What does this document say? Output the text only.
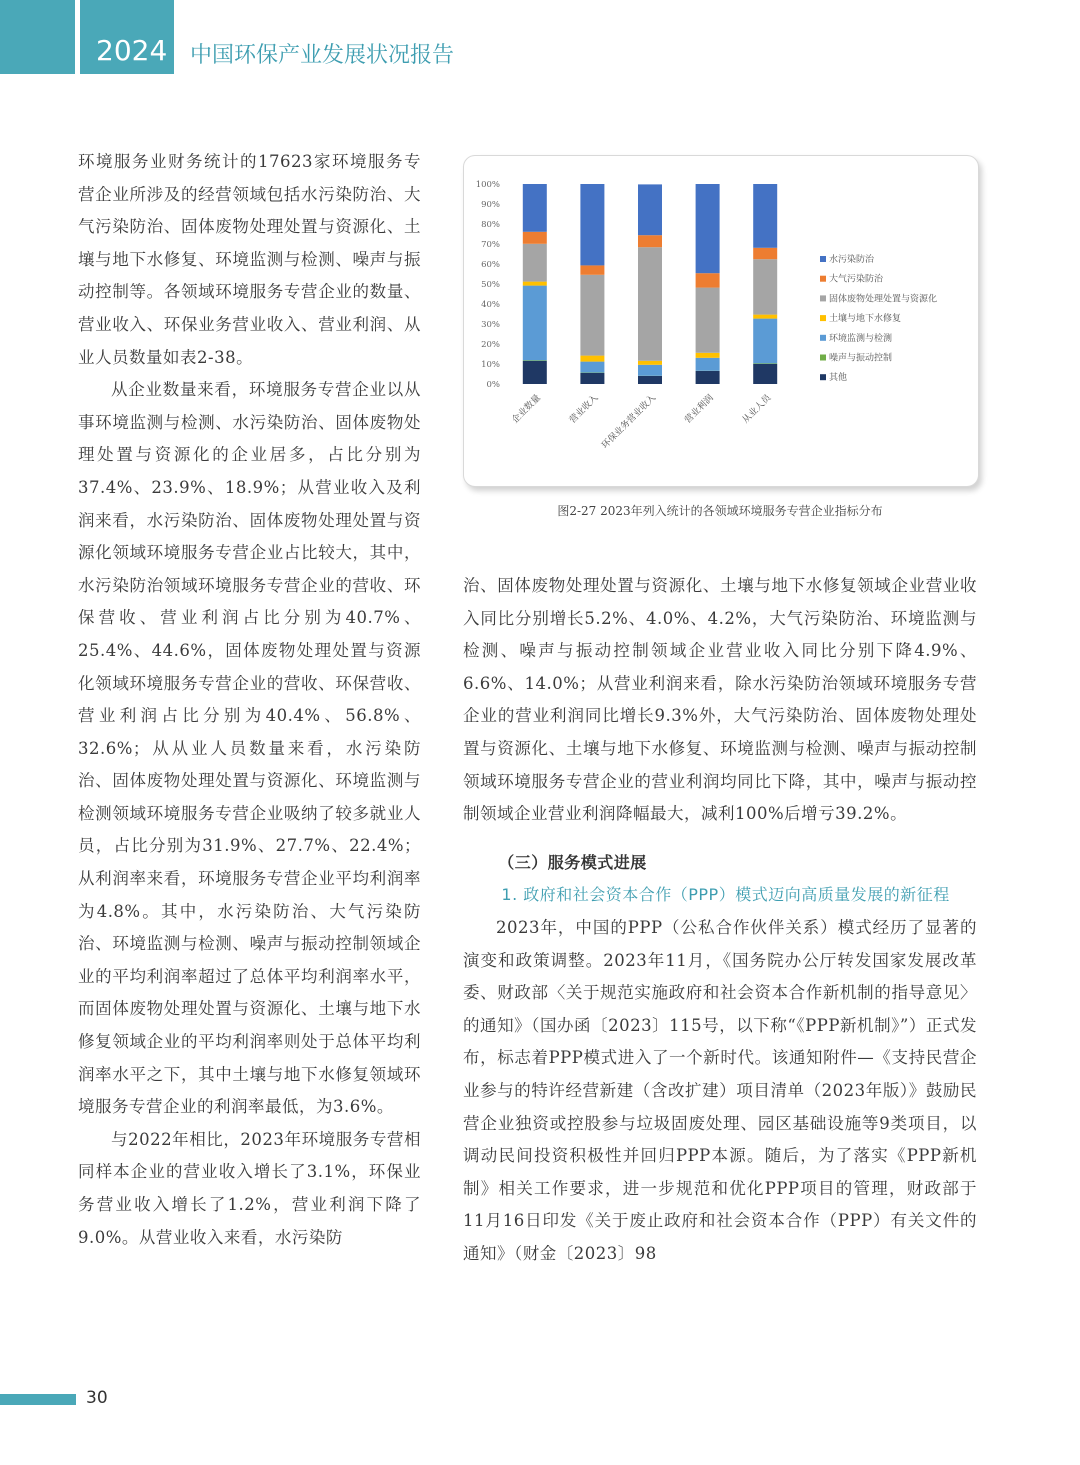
2024 中国环保产业发展状况报告

环境服务业财务统计的17623家环境服务专营企业所涉及的经营领域包括水污染防治、大气污染防治、固体废物处理处置与资源化、土壤与地下水修复、环境监测与检测、噪声与振动控制等。各领域环境服务专营企业的数量、营业收入、环保业务营业收入、营业利润、从业人员数量如表2-38。

从企业数量来看，环境服务专营企业以从事环境监测与检测、水污染防治、固体废物处理处置与资源化的企业居多，占比分别为37.4%、23.9%、18.9%；从营业收入及利润来看，水污染防治、固体废物处理处置与资源化领域环境服务专营企业占比较大，其中，水污染防治领域环境服务专营企业的营收、环保营收、营业利润占比分别为40.7%、25.4%、44.6%，固体废物处理处置与资源化领域环境服务专营企业的营收、环保营收、营业利润占比分别为40.4%、56.8%、32.6%；从从业人员数量来看，水污染防治、固体废物处理处置与资源化、环境监测与检测领域环境服务专营企业吸纳了较多就业人员，占比分别为31.9%、27.7%、22.4%；从利润率来看，环境服务专营企业平均利润率为4.8%。其中，水污染防治、大气污染防治、环境监测与检测、噪声与振动控制领域企业的平均利润率超过了总体平均利润率水平，而固体废物处理处置与资源化、土壤与地下水修复领域企业的平均利润率则处于总体平均利润率水平之下，其中土壤与地下水修复领域环境服务专营企业的利润率最低，为3.6%。

与2022年相比，2023年环境服务专营相同样本企业的营业收入增长了3.1%，环保业务营业收入增长了1.2%，营业利润下降了9.0%。从营业收入来看，水污染防

0%
10%
20%
30%
40%
50%
60%
70%
80%
90%
100%
企业数量	营业收入 环保业务营业收入	营业利润	从业人员
水污染防治
大气污染防治
固体废物处理处置与资源化
土壤与地下水修复
环境监测与检测
噪声与振动控制
其他
图2-27 2023年列入统计的各领域环境服务专营企业指标分布

治、固体废物处理处置与资源化、土壤与地下水修复领域企业营业收入同比分别增长5.2%、4.0%、4.2%，大气污染防治、环境监测与检测、噪声与振动控制领域企业营业收入同比分别下降4.9%、6.6%、14.0%；从营业利润来看，除水污染防治领域环境服务专营企业的营业利润同比增长9.3%外，大气污染防治、固体废物处理处置与资源化、土壤与地下水修复、环境监测与检测、噪声与振动控制领域环境服务专营企业的营业利润均同比下降，其中，噪声与振动控制领域企业营业利润降幅最大，减利100%后增亏39.2%。

（三）服务模式进展

1. 政府和社会资本合作（PPP）模式迈向高质量发展的新征程

2023年，中国的PPP（公私合作伙伴关系）模式经历了显著的演变和政策调整。2023年11月，《国务院办公厅转发国家发展改革委、财政部〈关于规范实施政府和社会资本合作新机制的指导意见〉的通知》（国办函〔2023〕115号，以下称“《PPP新机制》”）正式发布，标志着PPP模式进入了一个新时代。该通知附件—《支持民营企业参与的特许经营新建（含改扩建）项目清单（2023年版）》鼓励民营企业独资或控股参与垃圾固废处理、园区基础设施等9类项目，以调动民间投资积极性并回归PPP本源。随后，为了落实《PPP新机制》相关工作要求，进一步规范和优化PPP项目的管理，财政部于11月16日印发《关于废止政府和社会资本合作（PPP）有关文件的通知》（财金〔2023〕98

30
